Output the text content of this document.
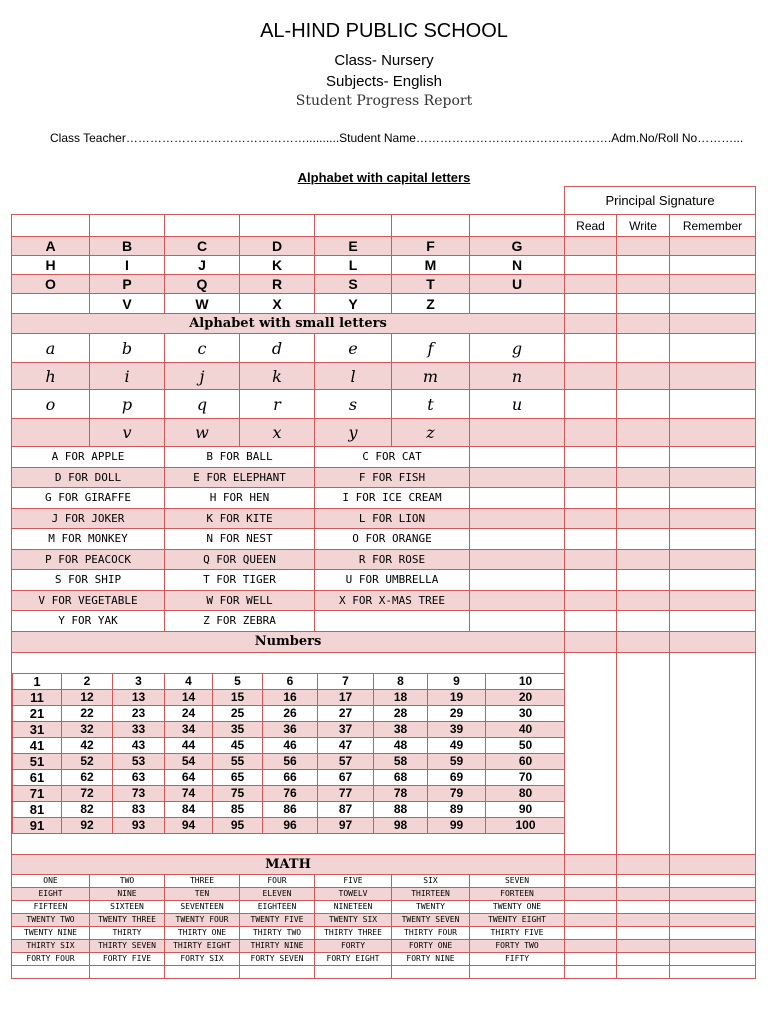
AL-HIND PUBLIC SCHOOL
Class- Nursery
Subjects- English
Student Progress Report
Class Teacher………………………………………..........Student Name………………………………………….Adm.No/Roll No………...
Alphabet with capital letters
Principal Signature		
Read	Write	Remember

A	B	C	D	E	F	G
H	I	J	K	L	M	N
O	P	Q	R	S	T	U
	V	W	X	Y	Z	
Alphabet with small letters
a	b	c	d	e	f	g
h	i	j	k	l	m	n
o	p	q	r	s	t	u
	v	w	x	y	z	
A FOR APPLE	B FOR BALL	C FOR CAT	
D FOR DOLL	E FOR ELEPHANT	F FOR FISH	
G FOR GIRAFFE	H FOR HEN	I FOR ICE CREAM	
J FOR JOKER	K FOR KITE	L FOR LION	
M FOR MONKEY	N FOR NEST	O FOR ORANGE	
P FOR PEACOCK	Q FOR QUEEN	R FOR ROSE	
S FOR SHIP	T FOR TIGER	U FOR UMBRELLA	
V FOR VEGETABLE	W FOR WELL	X FOR X-MAS TREE	
Y FOR YAK	Z FOR ZEBRA		
Numbers

1	2	3	4	5	6	7	8	9	10
11	12	13	14	15	16	17	18	19	20
21	22	23	24	25	26	27	28	29	30
31	32	33	34	35	36	37	38	39	40
41	42	43	44	45	46	47	48	49	50
51	52	53	54	55	56	57	58	59	60
61	62	63	64	65	66	67	68	69	70
71	72	73	74	75	76	77	78	79	80
81	82	83	84	85	86	87	88	89	90
91	92	93	94	95	96	97	98	99	100

MATH
ONE	TWO	THREE	FOUR	FIVE	SIX	SEVEN
EIGHT	NINE	TEN	ELEVEN	TOWELV	THIRTEEN	FORTEEN
FIFTEEN	SIXTEEN	SEVENTEEN	EIGHTEEN	NINETEEN	TWENTY	TWENTY ONE
TWENTY TWO	TWENTY THREE	TWENTY FOUR	TWENTY FIVE	TWENTY SIX	TWENTY SEVEN	TWENTY EIGHT
TWENTY NINE	THIRTY	THIRTY ONE	THIRTY TWO	THIRTY THREE	THIRTY FOUR	THIRTY FIVE
THIRTY SIX	THIRTY SEVEN	THIRTY EIGHT	THIRTY NINE	FORTY	FORTY ONE	FORTY TWO
FORTY FOUR	FORTY FIVE	FORTY SIX	FORTY SEVEN	FORTY EIGHT	FORTY NINE	FIFTY
